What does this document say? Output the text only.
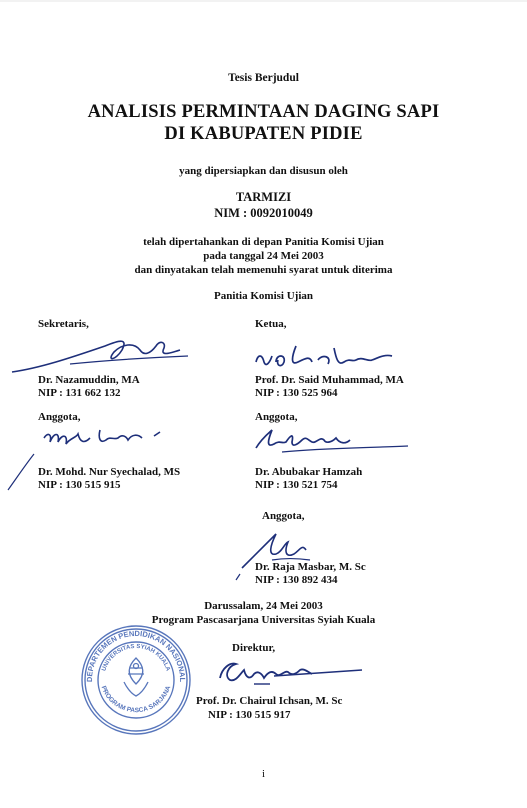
Tesis Berjudul
ANALISIS PERMINTAAN DAGING SAPI
DI KABUPATEN PIDIE
yang dipersiapkan dan disusun oleh
TARMIZI
NIM : 0092010049
telah dipertahankan di depan Panitia Komisi Ujian
pada tanggal 24 Mei 2003
dan dinyatakan telah memenuhi syarat untuk diterima
Panitia Komisi Ujian
Sekretaris,
Dr. Nazamuddin, MA
NIP : 131 662 132
Ketua,
Prof. Dr. Said Muhammad, MA
NIP : 130 525 964
Anggota,
Dr. Mohd. Nur Syechalad, MS
NIP : 130 515 915
Anggota,
Dr. Abubakar Hamzah
NIP : 130 521 754
Anggota,
Dr. Raja Masbar, M. Sc
NIP : 130 892 434
Darussalam, 24 Mei 2003
Program Pascasarjana Universitas Syiah Kuala
DEPARTEMEN PENDIDIKAN NASIONAL
UNIVERSITAS SYIAH KUALA
PROGRAM PASCA SARJANA
Direktur,
Prof. Dr. Chairul Ichsan, M. Sc
NIP : 130 515 917
i
